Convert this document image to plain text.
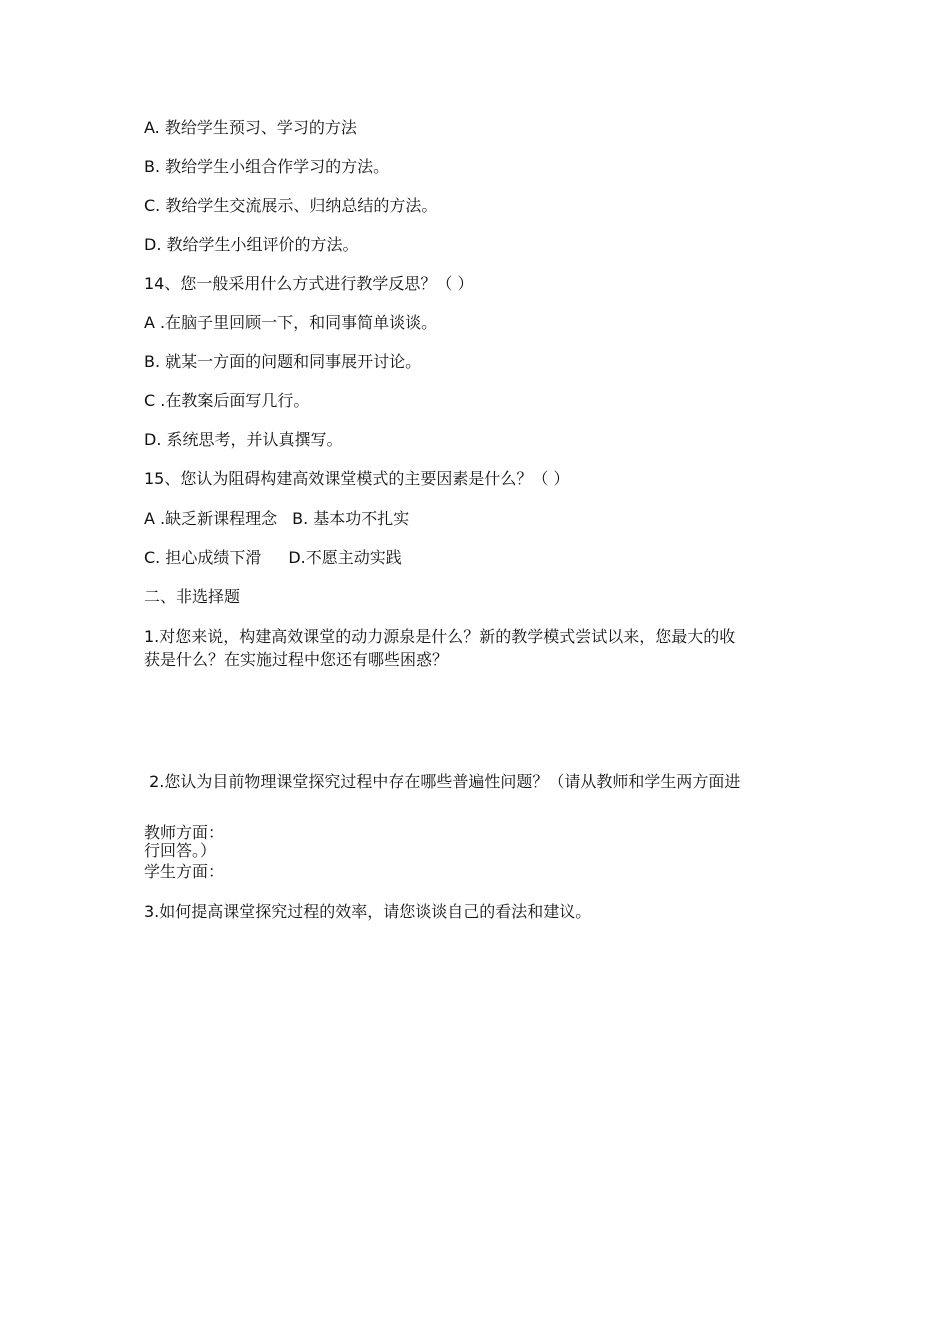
A. 教给学生预习、学习的方法
B. 教给学生小组合作学习的方法。
C. 教给学生交流展示、归纳总结的方法。
D. 教给学生小组评价的方法。
14、您一般采用什么方式进行教学反思？（ ）
A .在脑子里回顾一下，和同事简单谈谈。
B. 就某一方面的问题和同事展开讨论。
C .在教案后面写几行。
D. 系统思考，并认真撰写。
15、您认为阻碍构建高效课堂模式的主要因素是什么？（ ）
A .缺乏新课程理念 B. 基本功不扎实
C. 担心成绩下滑 D.不愿主动实践
二、非选择题
1.对您来说，构建高效课堂的动力源泉是什么？新的教学模式尝试以来，您最大的收
获是什么？在实施过程中您还有哪些困惑？

2.您认为目前物理课堂探究过程中存在哪些普遍性问题？（请从教师和学生两方面进

行回答。）

教师方面：
学生方面：
3.如何提高课堂探究过程的效率，请您谈谈自己的看法和建议。
